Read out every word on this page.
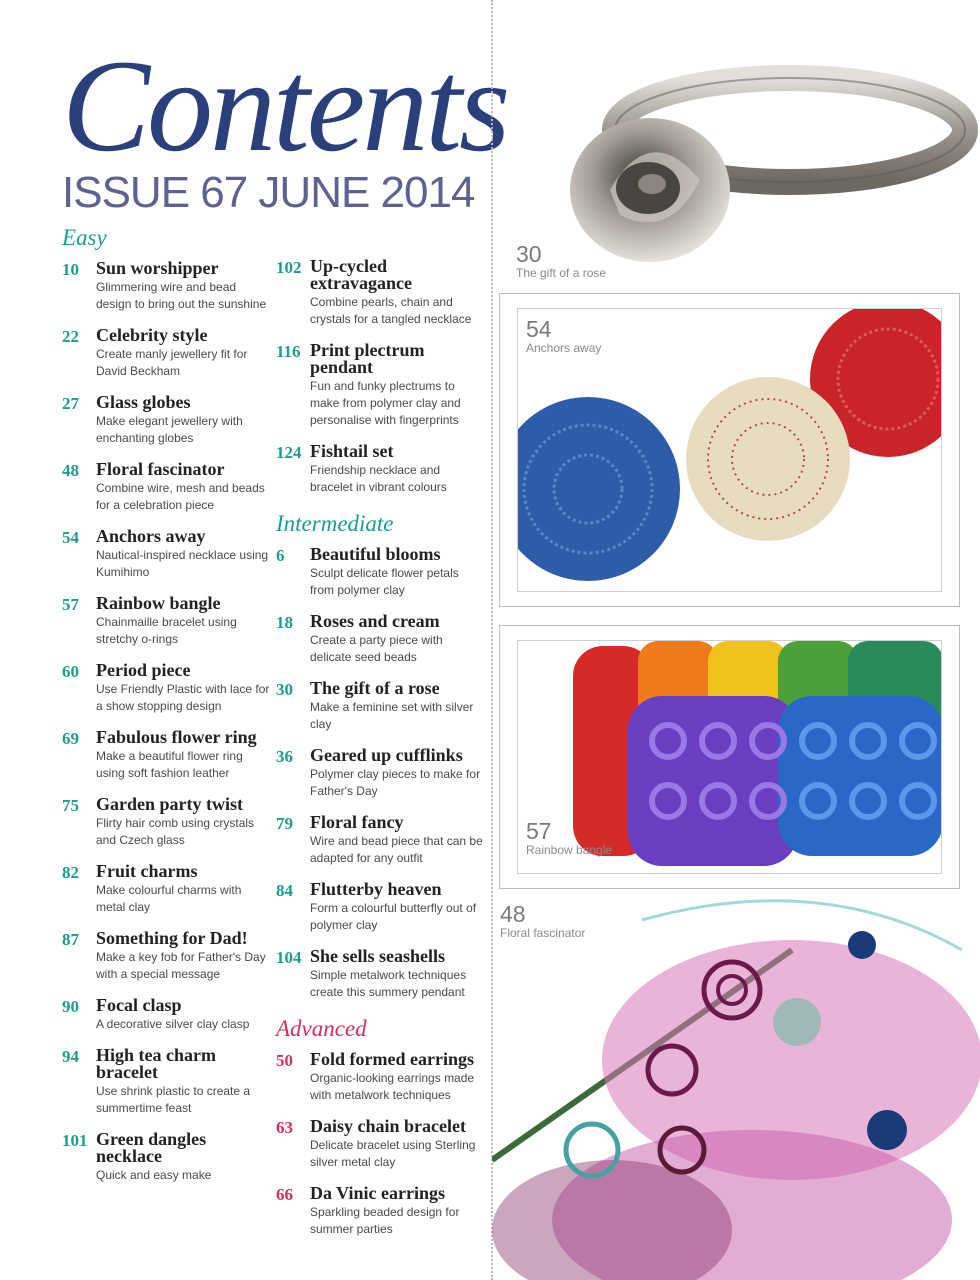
Contents
ISSUE 67 JUNE 2014
Easy
10 Sun worshipper
Glimmering wire and bead design to bring out the sunshine
22 Celebrity style
Create manly jewellery fit for David Beckham
27 Glass globes
Make elegant jewellery with enchanting globes
48 Floral fascinator
Combine wire, mesh and beads for a celebration piece
54 Anchors away
Nautical-inspired necklace using Kumihimo
57 Rainbow bangle
Chainmaille bracelet using stretchy o-rings
60 Period piece
Use Friendly Plastic with lace for a show stopping design
69 Fabulous flower ring
Make a beautiful flower ring using soft fashion leather
75 Garden party twist
Flirty hair comb using crystals and Czech glass
82 Fruit charms
Make colourful charms with metal clay
87 Something for Dad!
Make a key fob for Father's Day with a special message
90 Focal clasp
A decorative silver clay clasp
94 High tea charm bracelet
Use shrink plastic to create a summertime feast
101 Green dangles necklace
Quick and easy make
102 Up-cycled extravagance
Combine pearls, chain and crystals for a tangled necklace
116 Print plectrum pendant
Fun and funky plectrums to make from polymer clay and personalise with fingerprints
124 Fishtail set
Friendship necklace and bracelet in vibrant colours
Intermediate
6	Beautiful blooms
Sculpt delicate flower petals from polymer clay
18 Roses and cream
Create a party piece with delicate seed beads
30 The gift of a rose
Make a feminine set with silver clay
36 Geared up cufflinks
Polymer clay pieces to make for Father's Day
79 Floral fancy
Wire and bead piece that can be adapted for any outfit
84 Flutterby heaven
Form a colourful butterfly out of polymer clay
104 She sells seashells
Simple metalwork techniques create this summery pendant
Advanced
50 Fold formed earrings
Organic-looking earrings made with metalwork techniques
63 Daisy chain bracelet
Delicate bracelet using Sterling silver metal clay
66 Da Vinic earrings
Sparkling beaded design for summer parties
30
The gift of a rose
54
Anchors away
57
Rainbow bangle
48
Floral fascinator
